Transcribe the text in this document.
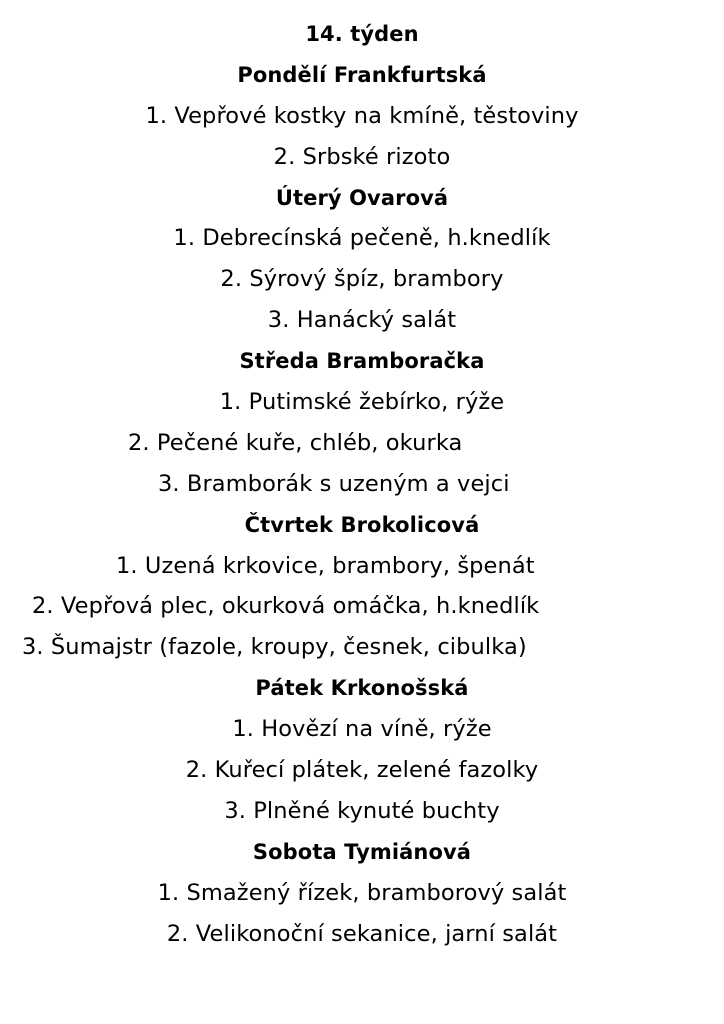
14. týden
Pondělí Frankfurtská
1. Vepřové kostky na kmíně, těstoviny
2. Srbské rizoto
Úterý Ovarová
1. Debrecínská pečeně, h.knedlík
2. Sýrový špíz, brambory
3. Hanácký salát
Středa Bramboračka
1. Putimské žebírko, rýže
2. Pečené kuře, chléb, okurka
3. Bramborák s uzeným a vejci
Čtvrtek Brokolicová
1. Uzená krkovice, brambory, špenát
2. Vepřová plec, okurková omáčka, h.knedlík
3. Šumajstr (fazole, kroupy, česnek, cibulka)
Pátek Krkonošská
1. Hovězí na víně, rýže
2. Kuřecí plátek, zelené fazolky
3. Plněné kynuté buchty
Sobota Tymiánová
1. Smažený řízek, bramborový salát
2. Velikonoční sekanice, jarní salát
